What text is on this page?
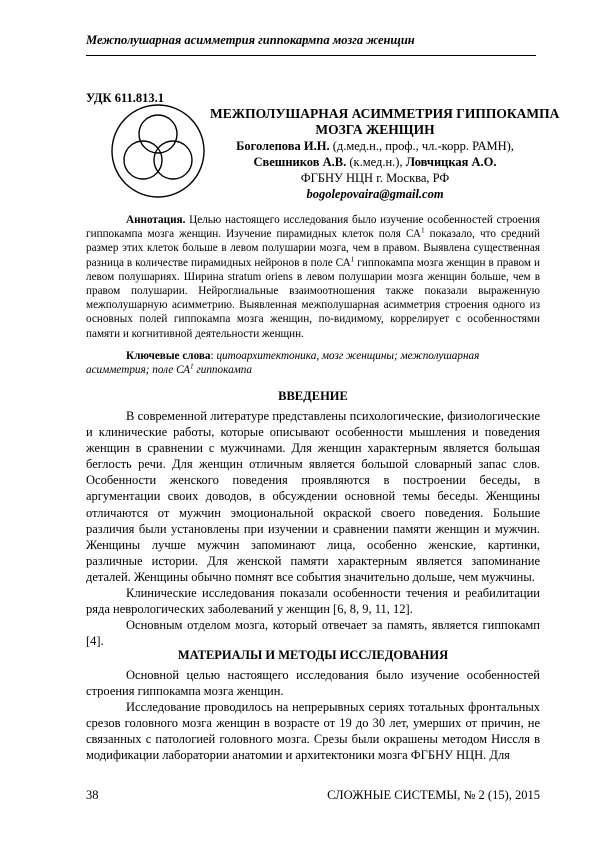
Межполушарная асимметрия гиппокармпа мозга женщин
УДК 611.813.1
МЕЖПОЛУШАРНАЯ АСИММЕТРИЯ ГИППОКАМПА
МОЗГА ЖЕНЩИН
Боголепова И.Н. (д.мед.н., проф., чл.-корр. РАМН),
Свешников А.В. (к.мед.н.), Ловчицкая А.О.
ФГБНУ НЦН г. Москва, РФ
bogolepovaira@gmail.com

Аннотация. Целью настоящего исследования было изучение особенностей строения гиппокампа мозга женщин. Изучение пирамидных клеток поля $СА^1$ показало, что средний размер этих клеток больше в левом полушарии мозга, чем в правом. Выявлена существенная разница в количестве пирамидных нейронов в поле $СА^1$ гиппокампа мозга женщин в правом и левом полушариях. Ширина stratum oriens в левом полушарии мозга женщин больше, чем в правом полушарии. Нейроглиальные взаимоотношения также показали выраженную межполушарную асимметрию. Выявленная межполушарная асимметрия строения одного из основных полей гиппокампа мозга женщин, по-видимому, коррелирует с особенностями памяти и когнитивной деятельности женщин.

Ключевые слова: цитоархитектоника, мозг женщины; межполушарная асимметрия; поле $СА^1$ гиппокампа
ВВЕДЕНИЕ

В современной литературе представлены психологические, физиологические и клинические работы, которые описывают особенности мышления и поведения женщин в сравнении с мужчинами. Для женщин характерным является большая беглость речи. Для женщин отличным является большой словарный запас слов. Особенности женского поведения проявляются в построении беседы, в аргументации своих доводов, в обсуждении основной темы беседы. Женщины отличаются от мужчин эмоциональной окраской своего поведения. Большие различия были установлены при изучении и сравнении памяти женщин и мужчин. Женщины лучше мужчин запоминают лица, особенно женские, картинки, различные истории. Для женской памяти характерным является запоминание деталей. Женщины обычно помнят все события значительно дольше, чем мужчины.

Клинические исследования показали особенности течения и реабилитации ряда неврологических заболеваний у женщин [6, 8, 9, 11, 12].

Основным отделом мозга, который отвечает за память, является гиппокамп [4].

МАТЕРИАЛЫ И МЕТОДЫ ИССЛЕДОВАНИЯ

Основной целью настоящего исследования было изучение особенностей строения гиппокампа мозга женщин.

Исследование проводилось на непрерывных сериях тотальных фронтальных срезов головного мозга женщин в возрасте от 19 до 30 лет, умерших от причин, не связанных с патологией головного мозга. Срезы были окрашены методом Ниссля в модификации лаборатории анатомии и архитектоники мозга ФГБНУ НЦН. Для

38	СЛОЖНЫЕ СИСТЕМЫ, № 2 (15), 2015
